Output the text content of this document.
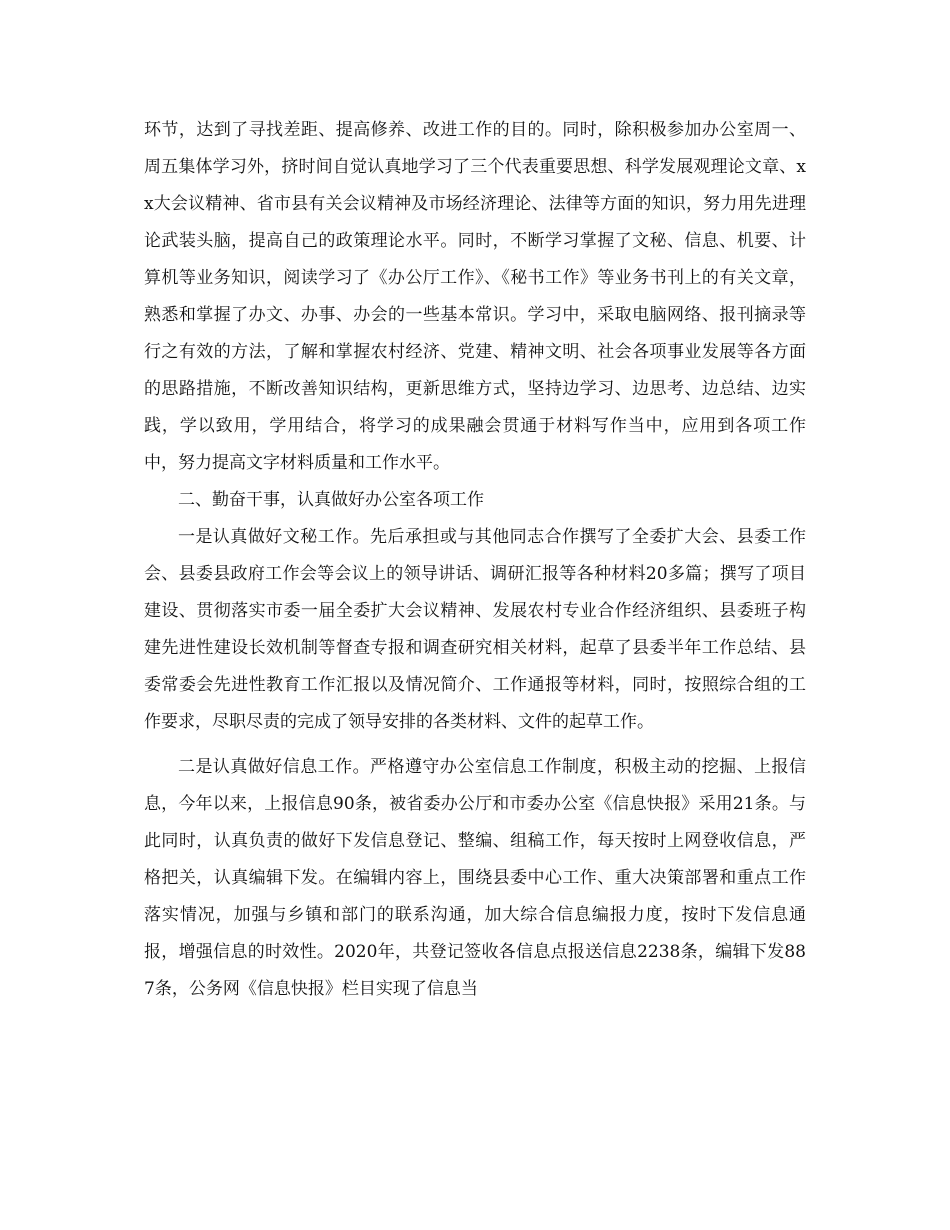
环节，达到了寻找差距、提高修养、改进工作的目的。同时，除积极参加办公室周一、周五集体学习外，挤时间自觉认真地学习了三个代表重要思想、科学发展观理论文章、xx大会议精神、省市县有关会议精神及市场经济理论、法律等方面的知识，努力用先进理论武装头脑，提高自己的政策理论水平。同时，不断学习掌握了文秘、信息、机要、计算机等业务知识，阅读学习了《办公厅工作》、《秘书工作》等业务书刊上的有关文章，熟悉和掌握了办文、办事、办会的一些基本常识。学习中，采取电脑网络、报刊摘录等行之有效的方法，了解和掌握农村经济、党建、精神文明、社会各项事业发展等各方面的思路措施，不断改善知识结构，更新思维方式，坚持边学习、边思考、边总结、边实践，学以致用，学用结合，将学习的成果融会贯通于材料写作当中，应用到各项工作中，努力提高文字材料质量和工作水平。

二、勤奋干事，认真做好办公室各项工作

一是认真做好文秘工作。先后承担或与其他同志合作撰写了全委扩大会、县委工作会、县委县政府工作会等会议上的领导讲话、调研汇报等各种材料20多篇；撰写了项目建设、贯彻落实市委一届全委扩大会议精神、发展农村专业合作经济组织、县委班子构建先进性建设长效机制等督查专报和调查研究相关材料，起草了县委半年工作总结、县委常委会先进性教育工作汇报以及情况简介、工作通报等材料，同时，按照综合组的工作要求，尽职尽责的完成了领导安排的各类材料、文件的起草工作。

二是认真做好信息工作。严格遵守办公室信息工作制度，积极主动的挖掘、上报信息，今年以来，上报信息90条，被省委办公厅和市委办公室《信息快报》采用21条。与此同时，认真负责的做好下发信息登记、整编、组稿工作，每天按时上网登收信息，严格把关，认真编辑下发。在编辑内容上，围绕县委中心工作、重大决策部署和重点工作落实情况，加强与乡镇和部门的联系沟通，加大综合信息编报力度，按时下发信息通报，增强信息的时效性。2020年，共登记签收各信息点报送信息2238条，编辑下发887条，公务网《信息快报》栏目实现了信息当
